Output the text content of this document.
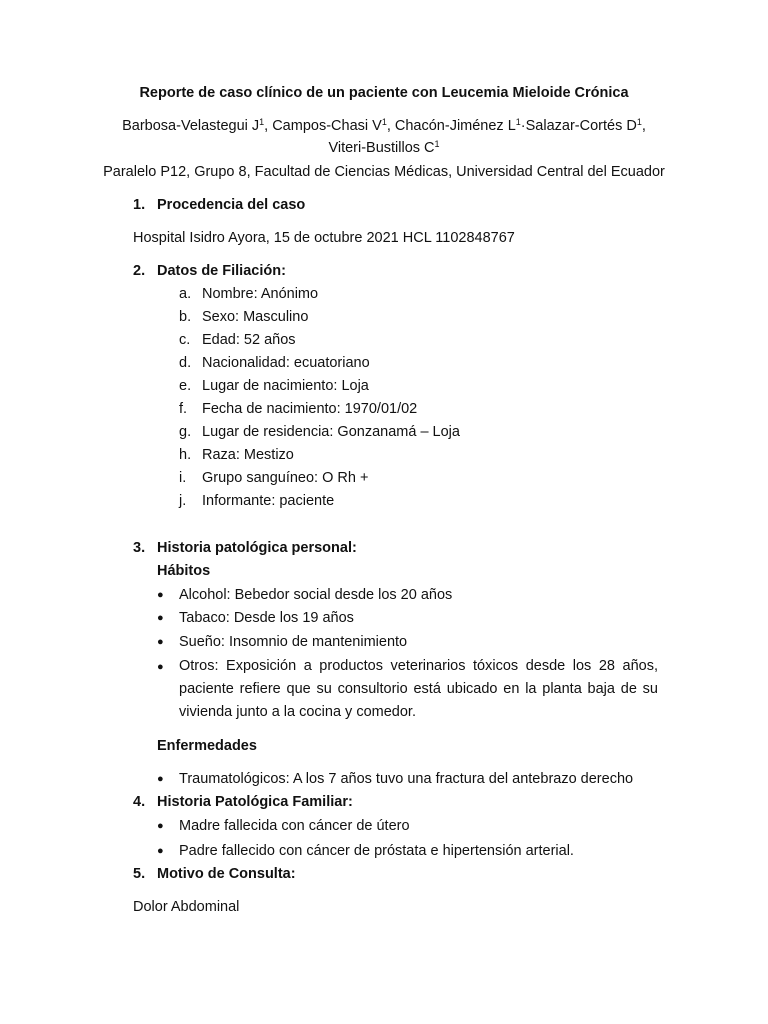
Reporte de caso clínico de un paciente con Leucemia Mieloide Crónica
Barbosa-Velastegui $J^1$, Campos-Chasi $V^1$, Chacón-Jiménez $L^1\cdot Salazar$-Cortés $D^1$,
Viteri-Bustillos $C^1$
Paralelo P12, Grupo 8, Facultad de Ciencias Médicas, Universidad Central del Ecuador
1. Procedencia del caso
Hospital Isidro Ayora, 15 de octubre 2021 HCL 1102848767
2. Datos de Filiación:
a. Nombre: Anónimo
b. Sexo: Masculino
c. Edad: 52 años
d. Nacionalidad: ecuatoriano
e. Lugar de nacimiento: Loja
f. Fecha de nacimiento: 1970/01/02
g. Lugar de residencia: Gonzanamá – Loja
h. Raza: Mestizo
i. Grupo sanguíneo: O Rh +
j. Informante: paciente
3. Historia patológica personal:
Hábitos
● Alcohol: Bebedor social desde los 20 años
● Tabaco: Desde los 19 años
● Sueño: Insomnio de mantenimiento
● Otros: Exposición a productos veterinarios tóxicos desde los 28 años, paciente refiere que su consultorio está ubicado en la planta baja de su vivienda junto a la cocina y comedor.
Enfermedades
● Traumatológicos: A los 7 años tuvo una fractura del antebrazo derecho
4. Historia Patológica Familiar:
● Madre fallecida con cáncer de útero
● Padre fallecido con cáncer de próstata e hipertensión arterial.
5. Motivo de Consulta:
Dolor Abdominal
